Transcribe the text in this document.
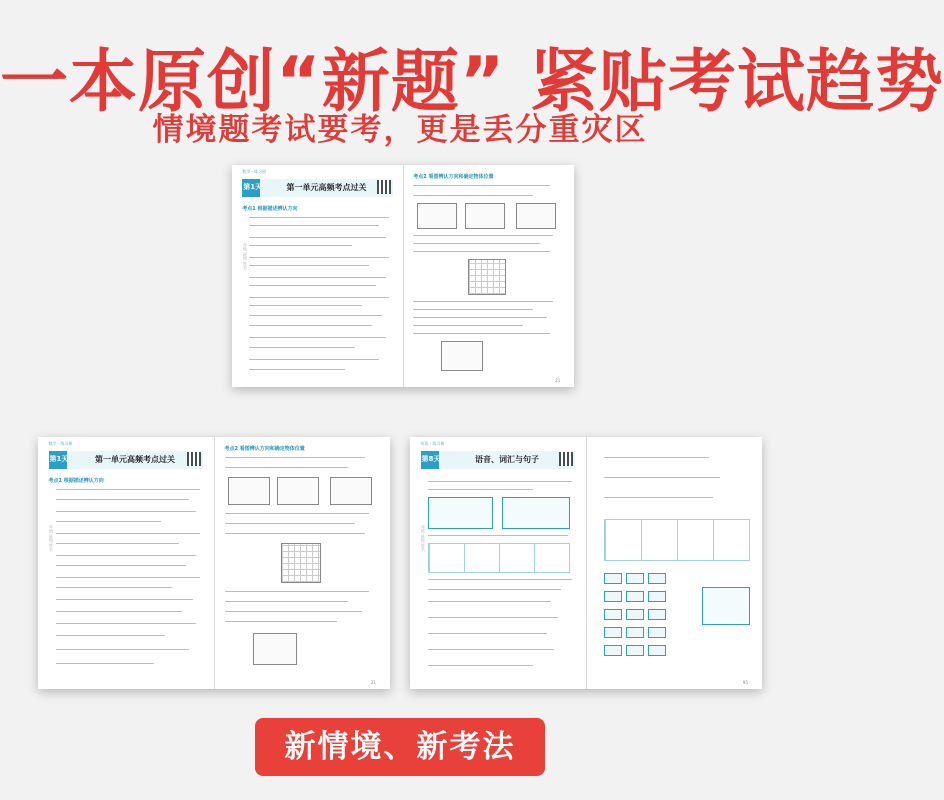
一本原创“新题” 紧贴考试趋势
情境题考试要考，更是丢分重灾区
数学 · 练习册
第1天	第一单元高频考点过关
考点1 根据描述辨认方向
年级 班级 姓名
考点2 看图辨认方向和确定物体位置
21
数学 · 练习册
第1天	第一单元高频考点过关
考点1 根据描述辨认方向
年级 班级 姓名
考点2 看图辨认方向和确定物体位置
21
英语 · 练习册
第8天	语音、词汇与句子
年级 班级 姓名
95
新情境、新考法
